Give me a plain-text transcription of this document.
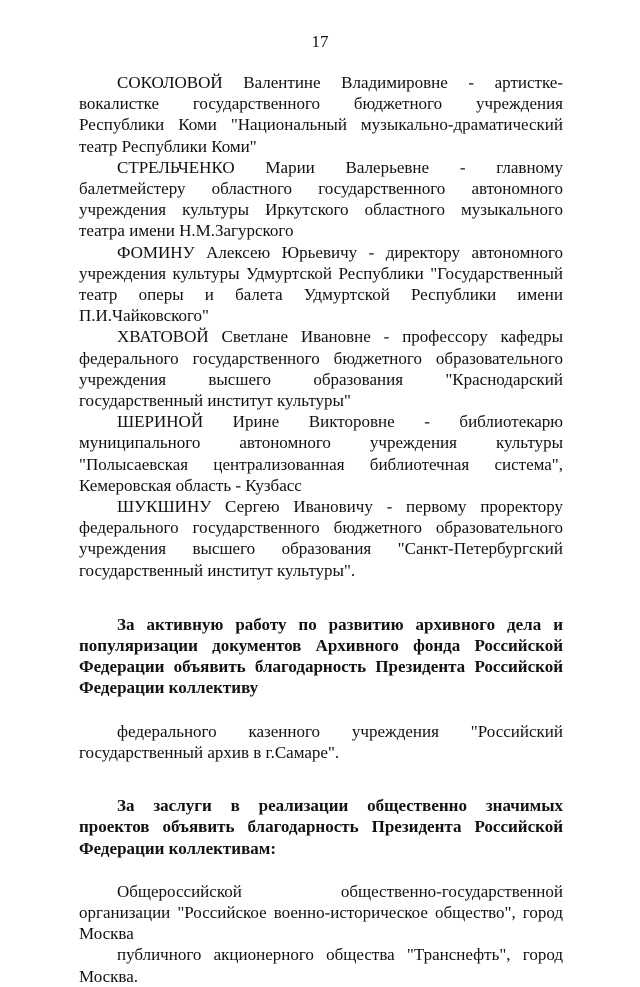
17

СОКОЛОВОЙ Валентине Владимировне - артистке-вокалистке государственного бюджетного учреждения Республики Коми "Национальный музыкально-драматический театр Республики Коми"

СТРЕЛЬЧЕНКО Марии Валерьевне - главному балетмейстеру областного государственного автономного учреждения культуры Иркутского областного музыкального театра имени Н.М.Загурского

ФОМИНУ Алексею Юрьевичу - директору автономного учреждения культуры Удмуртской Республики "Государственный театр оперы и балета Удмуртской Республики имени П.И.Чайковского"

ХВАТОВОЙ Светлане Ивановне - профессору кафедры федерального государственного бюджетного образовательного учреждения высшего образования "Краснодарский государственный институт культуры"

ШЕРИНОЙ Ирине Викторовне - библиотекарю муниципального автономного учреждения культуры "Полысаевская централизованная библиотечная система", Кемеровская область - Кузбасс

ШУКШИНУ Сергею Ивановичу - первому проректору федерального государственного бюджетного образовательного учреждения высшего образования "Санкт-Петербургский государственный институт культуры".

За активную работу по развитию архивного дела и популяризации документов Архивного фонда Российской Федерации объявить благодарность Президента Российской Федерации коллективу

федерального казенного учреждения "Российский государственный архив в г.Самаре".

За заслуги в реализации общественно значимых проектов объявить благодарность Президента Российской Федерации коллективам:

Общероссийской общественно-государственной организации "Российское военно-историческое общество", город Москва

публичного акционерного общества "Транснефть", город Москва.
